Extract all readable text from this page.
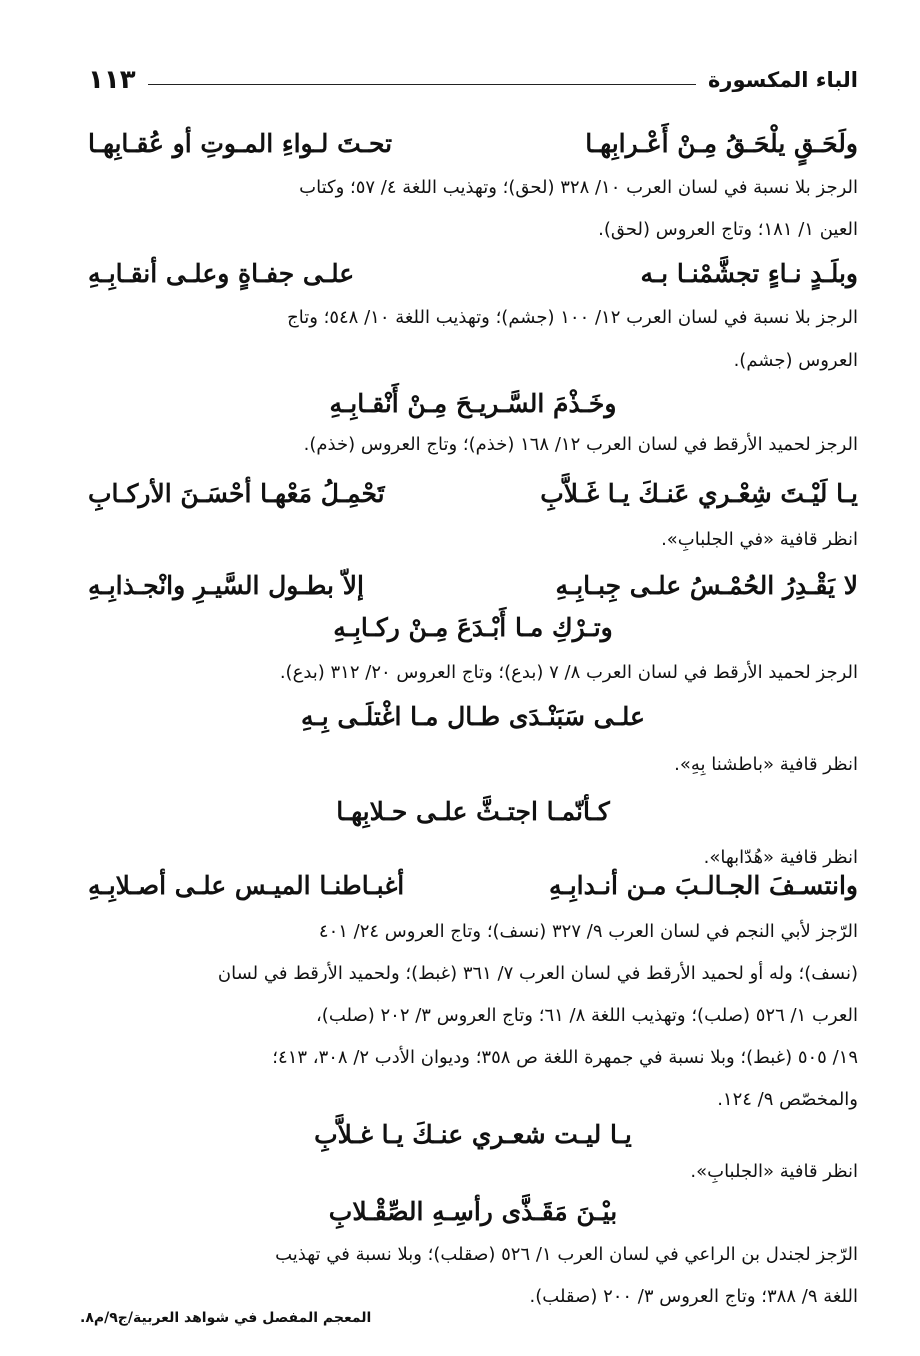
الباء المكسورة
١١٣
ولَحَـقٍ يلْحَـقُ مِـنْ أَعْـرابِهـا
تحـتَ لـواءِ المـوتِ أو عُقـابِهـا
الرجز بلا نسبة في لسان العرب ١٠/ ٣٢٨ (لحق)؛ وتهذيب اللغة ٤/ ٥٧؛ وكتاب
العين ١/ ١٨١؛ وتاج العروس (لحق).
وبلَـدٍ نـاءٍ تجشَّمْنـا بـه
علـى جفـاةٍ وعلـى أنقـابِـهِ
الرجز بلا نسبة في لسان العرب ١٢/ ١٠٠ (جشم)؛ وتهذيب اللغة ١٠/ ٥٤٨؛ وتاج
العروس (جشم).
وخَـذْمَ السَّـريـحَ مِـنْ أَنْقـابِـهِ
الرجز لحميد الأرقط في لسان العرب ١٢/ ١٦٨ (خذم)؛ وتاج العروس (خذم).
يـا لَيْـتَ شِعْـري عَنـكَ يـا غَـلاَّبِ
تَحْمِـلُ مَعْهـا أحْسَـنَ الأركـابِ
انظر قافية «في الجلبابِ».
لا يَقْـدِرُ الحُمْـسُ علـى جِبـابِـهِ
إلاّ بطـول السَّيـرِ وانْجـذابِـهِ
وتـرْكِ مـا أَبْـدَعَ مِـنْ ركـابِـهِ
الرجز لحميد الأرقط في لسان العرب ٨/ ٧ (بدع)؛ وتاج العروس ٢٠/ ٣١٢ (بدع).
علـى سَبَنْـدَى طـال مـا اغْتلَـى بِـهِ
انظر قافية «باطشنا بِهِ».
كـأنّمـا اجتـثَّ علـى حـلابِهـا
انظر قافية «هُدّابها».
وانتسـفَ الجـالـبَ مـن أنـدابِـهِ
أغبـاطنـا الميـس علـى أصـلابِـهِ
الرّجز لأبي النجم في لسان العرب ٩/ ٣٢٧ (نسف)؛ وتاج العروس ٢٤/ ٤٠١
(نسف)؛ وله أو لحميد الأرقط في لسان العرب ٧/ ٣٦١ (غبط)؛ ولحميد الأرقط في لسان
العرب ١/ ٥٢٦ (صلب)؛ وتهذيب اللغة ٨/ ٦١؛ وتاج العروس ٣/ ٢٠٢ (صلب)،
١٩/ ٥٠٥ (غبط)؛ وبلا نسبة في جمهرة اللغة ص ٣٥٨؛ وديوان الأدب ٢/ ٣٠٨، ٤١٣؛
والمخصّص ٩/ ١٢٤.
يـا ليـت شعـري عنـكَ يـا غـلاَّبِ
انظر قافية «الجلبابِ».
بيْـنَ مَقَـذَّى رأسِـهِ الصِّقْـلابِ
الرّجز لجندل بن الراعي في لسان العرب ١/ ٥٢٦ (صقلب)؛ وبلا نسبة في تهذيب
اللغة ٩/ ٣٨٨؛ وتاج العروس ٣/ ٢٠٠ (صقلب).
المعجم المفصل في شواهد العربية/ج٩/م٨.
